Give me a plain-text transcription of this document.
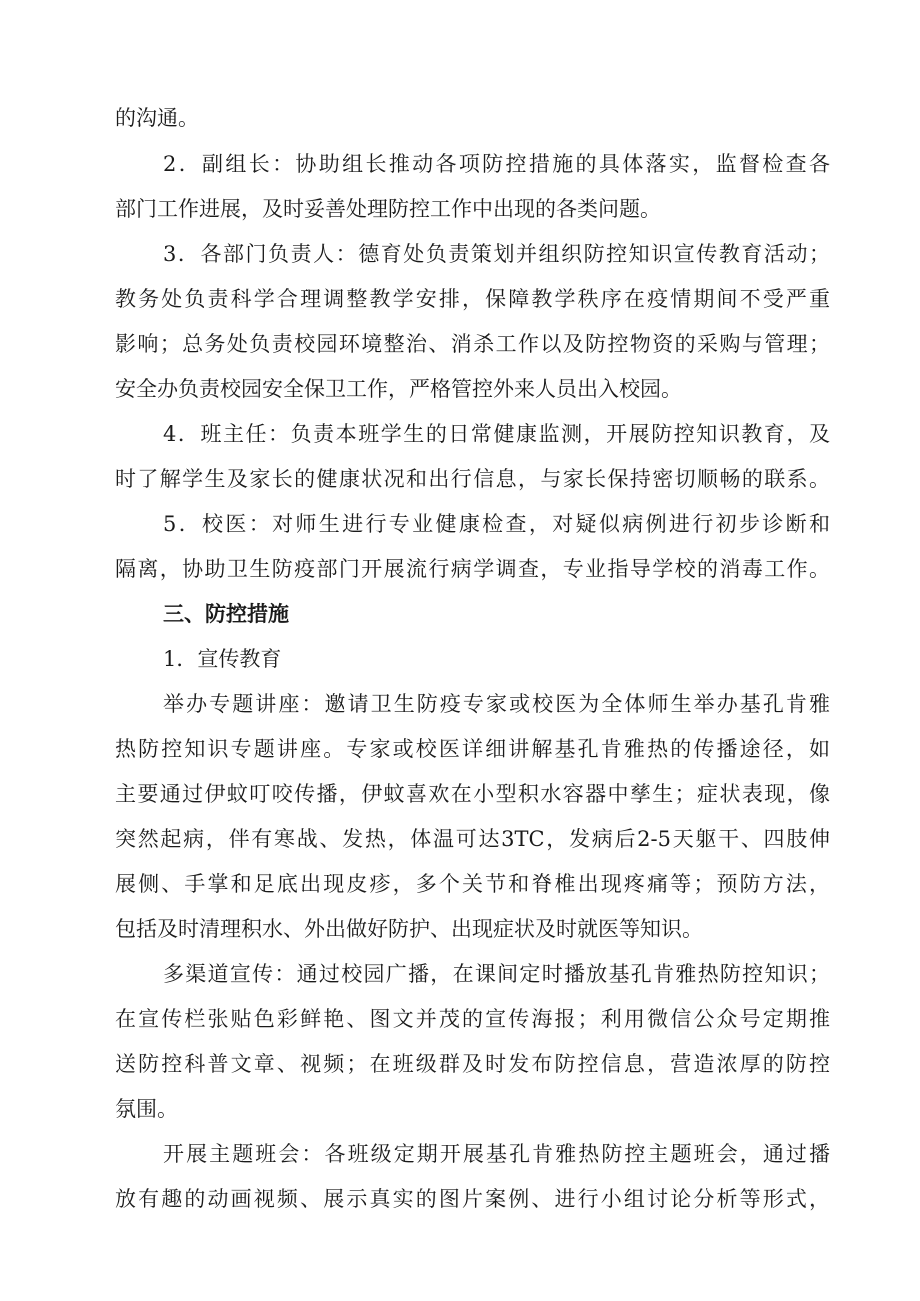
的沟通。
2．副组长：协助组长推动各项防控措施的具体落实，监督检查各
部门工作进展，及时妥善处理防控工作中出现的各类问题。
3．各部门负责人：德育处负责策划并组织防控知识宣传教育活动；
教务处负责科学合理调整教学安排，保障教学秩序在疫情期间不受严重
影响；总务处负责校园环境整治、消杀工作以及防控物资的采购与管理；
安全办负责校园安全保卫工作，严格管控外来人员出入校园。
4．班主任：负责本班学生的日常健康监测，开展防控知识教育，及
时了解学生及家长的健康状况和出行信息，与家长保持密切顺畅的联系。
5．校医：对师生进行专业健康检查，对疑似病例进行初步诊断和
隔离，协助卫生防疫部门开展流行病学调查，专业指导学校的消毒工作。
三、防控措施
1．宣传教育
举办专题讲座：邀请卫生防疫专家或校医为全体师生举办基孔肯雅
热防控知识专题讲座。专家或校医详细讲解基孔肯雅热的传播途径，如
主要通过伊蚊叮咬传播，伊蚊喜欢在小型积水容器中孳生；症状表现，像
突然起病，伴有寒战、发热，体温可达3TC，发病后2-5天躯干、四肢伸
展侧、手掌和足底出现皮疹，多个关节和脊椎出现疼痛等；预防方法，
包括及时清理积水、外出做好防护、出现症状及时就医等知识。
多渠道宣传：通过校园广播，在课间定时播放基孔肯雅热防控知识；
在宣传栏张贴色彩鲜艳、图文并茂的宣传海报；利用微信公众号定期推
送防控科普文章、视频；在班级群及时发布防控信息，营造浓厚的防控
氛围。
开展主题班会：各班级定期开展基孔肯雅热防控主题班会，通过播
放有趣的动画视频、展示真实的图片案例、进行小组讨论分析等形式，
